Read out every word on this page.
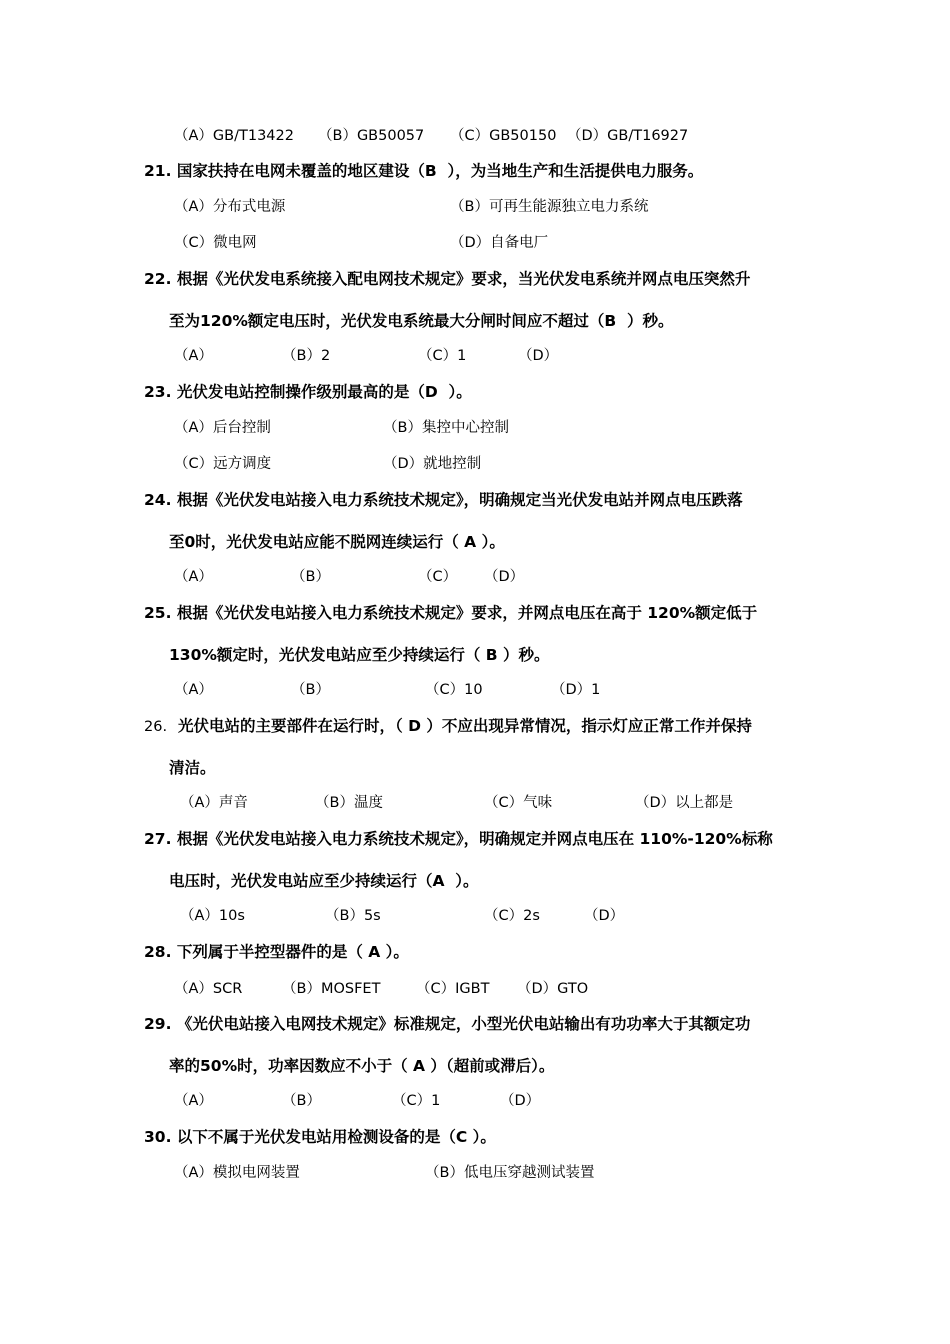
（A）GB/T13422 （B）GB50057 （C）GB50150 （D）GB/T16927
21. 国家扶持在电网未覆盖的地区建设（B  ），为当地生产和生活提供电力服务。
（A）分布式电源	（B）可再生能源独立电力系统
（C）微电网	（D）自备电厂
22. 根据《光伏发电系统接入配电网技术规定》要求，当光伏发电系统并网点电压突然升
至为120%额定电压时，光伏发电系统最大分闸时间应不超过（B  ）秒。
（A）	（B）2	（C）1	（D）
23. 光伏发电站控制操作级别最高的是（D  ）。
（A）后台控制	（B）集控中心控制
（C）远方调度	（D）就地控制
24. 根据《光伏发电站接入电力系统技术规定》，明确规定当光伏发电站并网点电压跌落
至0时，光伏发电站应能不脱网连续运行（ A ）。
（A）	（B）	（C） （D）
25. 根据《光伏发电站接入电力系统技术规定》要求，并网点电压在高于 120%额定低于
130%额定时，光伏发电站应至少持续运行（ B ）秒。
（A）	（B）	（C）10	（D）1
26. 光伏电站的主要部件在运行时，（ D ）不应出现异常情况，指示灯应正常工作并保持
清洁。
（A）声音	（B）温度	（C）气味	（D）以上都是
27. 根据《光伏发电站接入电力系统技术规定》，明确规定并网点电压在 110%-120%标称
电压时，光伏发电站应至少持续运行（A  ）。
（A）10s	（B）5s	（C）2s	（D）
28. 下列属于半控型器件的是（ A ）。
（A）SCR	（B）MOSFET （C）IGBT （D）GTO
29. 《光伏电站接入电网技术规定》标准规定，小型光伏电站输出有功功率大于其额定功
率的50%时，功率因数应不小于（ A ）（超前或滞后）。
（A）	（B）	（C）1	（D）
30. 以下不属于光伏发电站用检测设备的是（C ）。
（A）模拟电网装置	（B）低电压穿越测试装置
